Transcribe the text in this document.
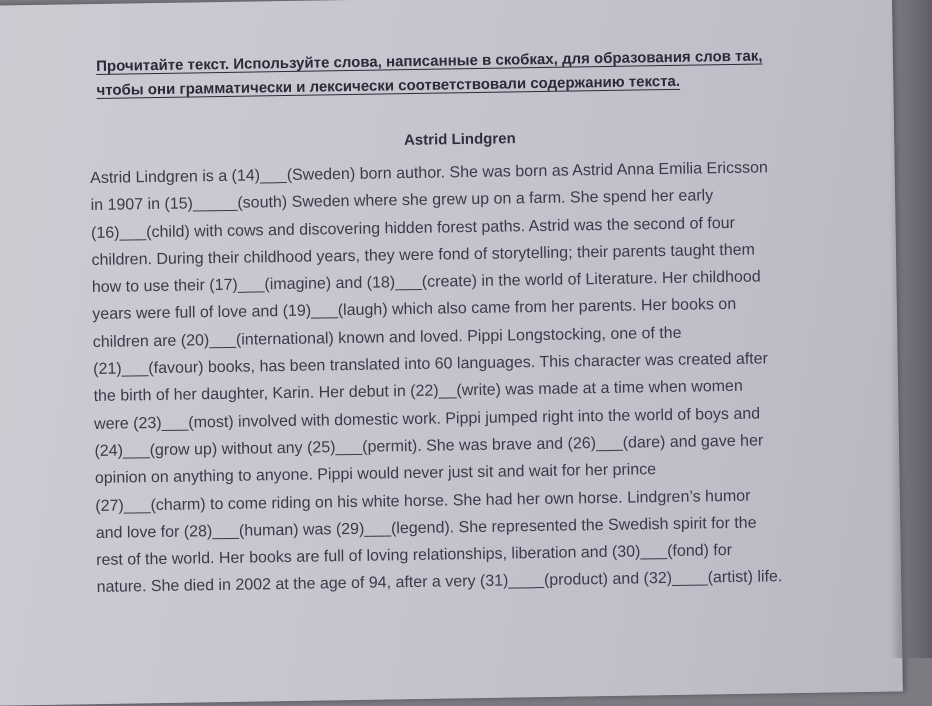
Прочитайте текст. Используйте слова, написанные в скобках, для образования слов так,
чтобы они грамматически и лексически соответствовали содержанию текста.
Astrid Lindgren
Astrid Lindgren is a (14)___(Sweden) born author. She was born as Astrid Anna Emilia Ericsson
in 1907 in (15)_____(south) Sweden where she grew up on a farm. She spend her early
(16)___(child) with cows and discovering hidden forest paths. Astrid was the second of four
children. During their childhood years, they were fond of storytelling; their parents taught them
how to use their (17)___(imagine) and (18)___(create) in the world of Literature. Her childhood
years were full of love and (19)___(laugh) which also came from her parents. Her books on
children are (20)___(international) known and loved. Pippi Longstocking, one of the
(21)___(favour) books, has been translated into 60 languages. This character was created after
the birth of her daughter, Karin. Her debut in (22)__(write) was made at a time when women
were (23)___(most) involved with domestic work. Pippi jumped right into the world of boys and
(24)___(grow up) without any (25)___(permit). She was brave and (26)___(dare) and gave her
opinion on anything to anyone. Pippi would never just sit and wait for her prince
(27)___(charm) to come riding on his white horse. She had her own horse. Lindgren’s humor
and love for (28)___(human) was (29)___(legend). She represented the Swedish spirit for the
rest of the world. Her books are full of loving relationships, liberation and (30)___(fond) for
nature. She died in 2002 at the age of 94, after a very (31)____(product) and (32)____(artist) life.
